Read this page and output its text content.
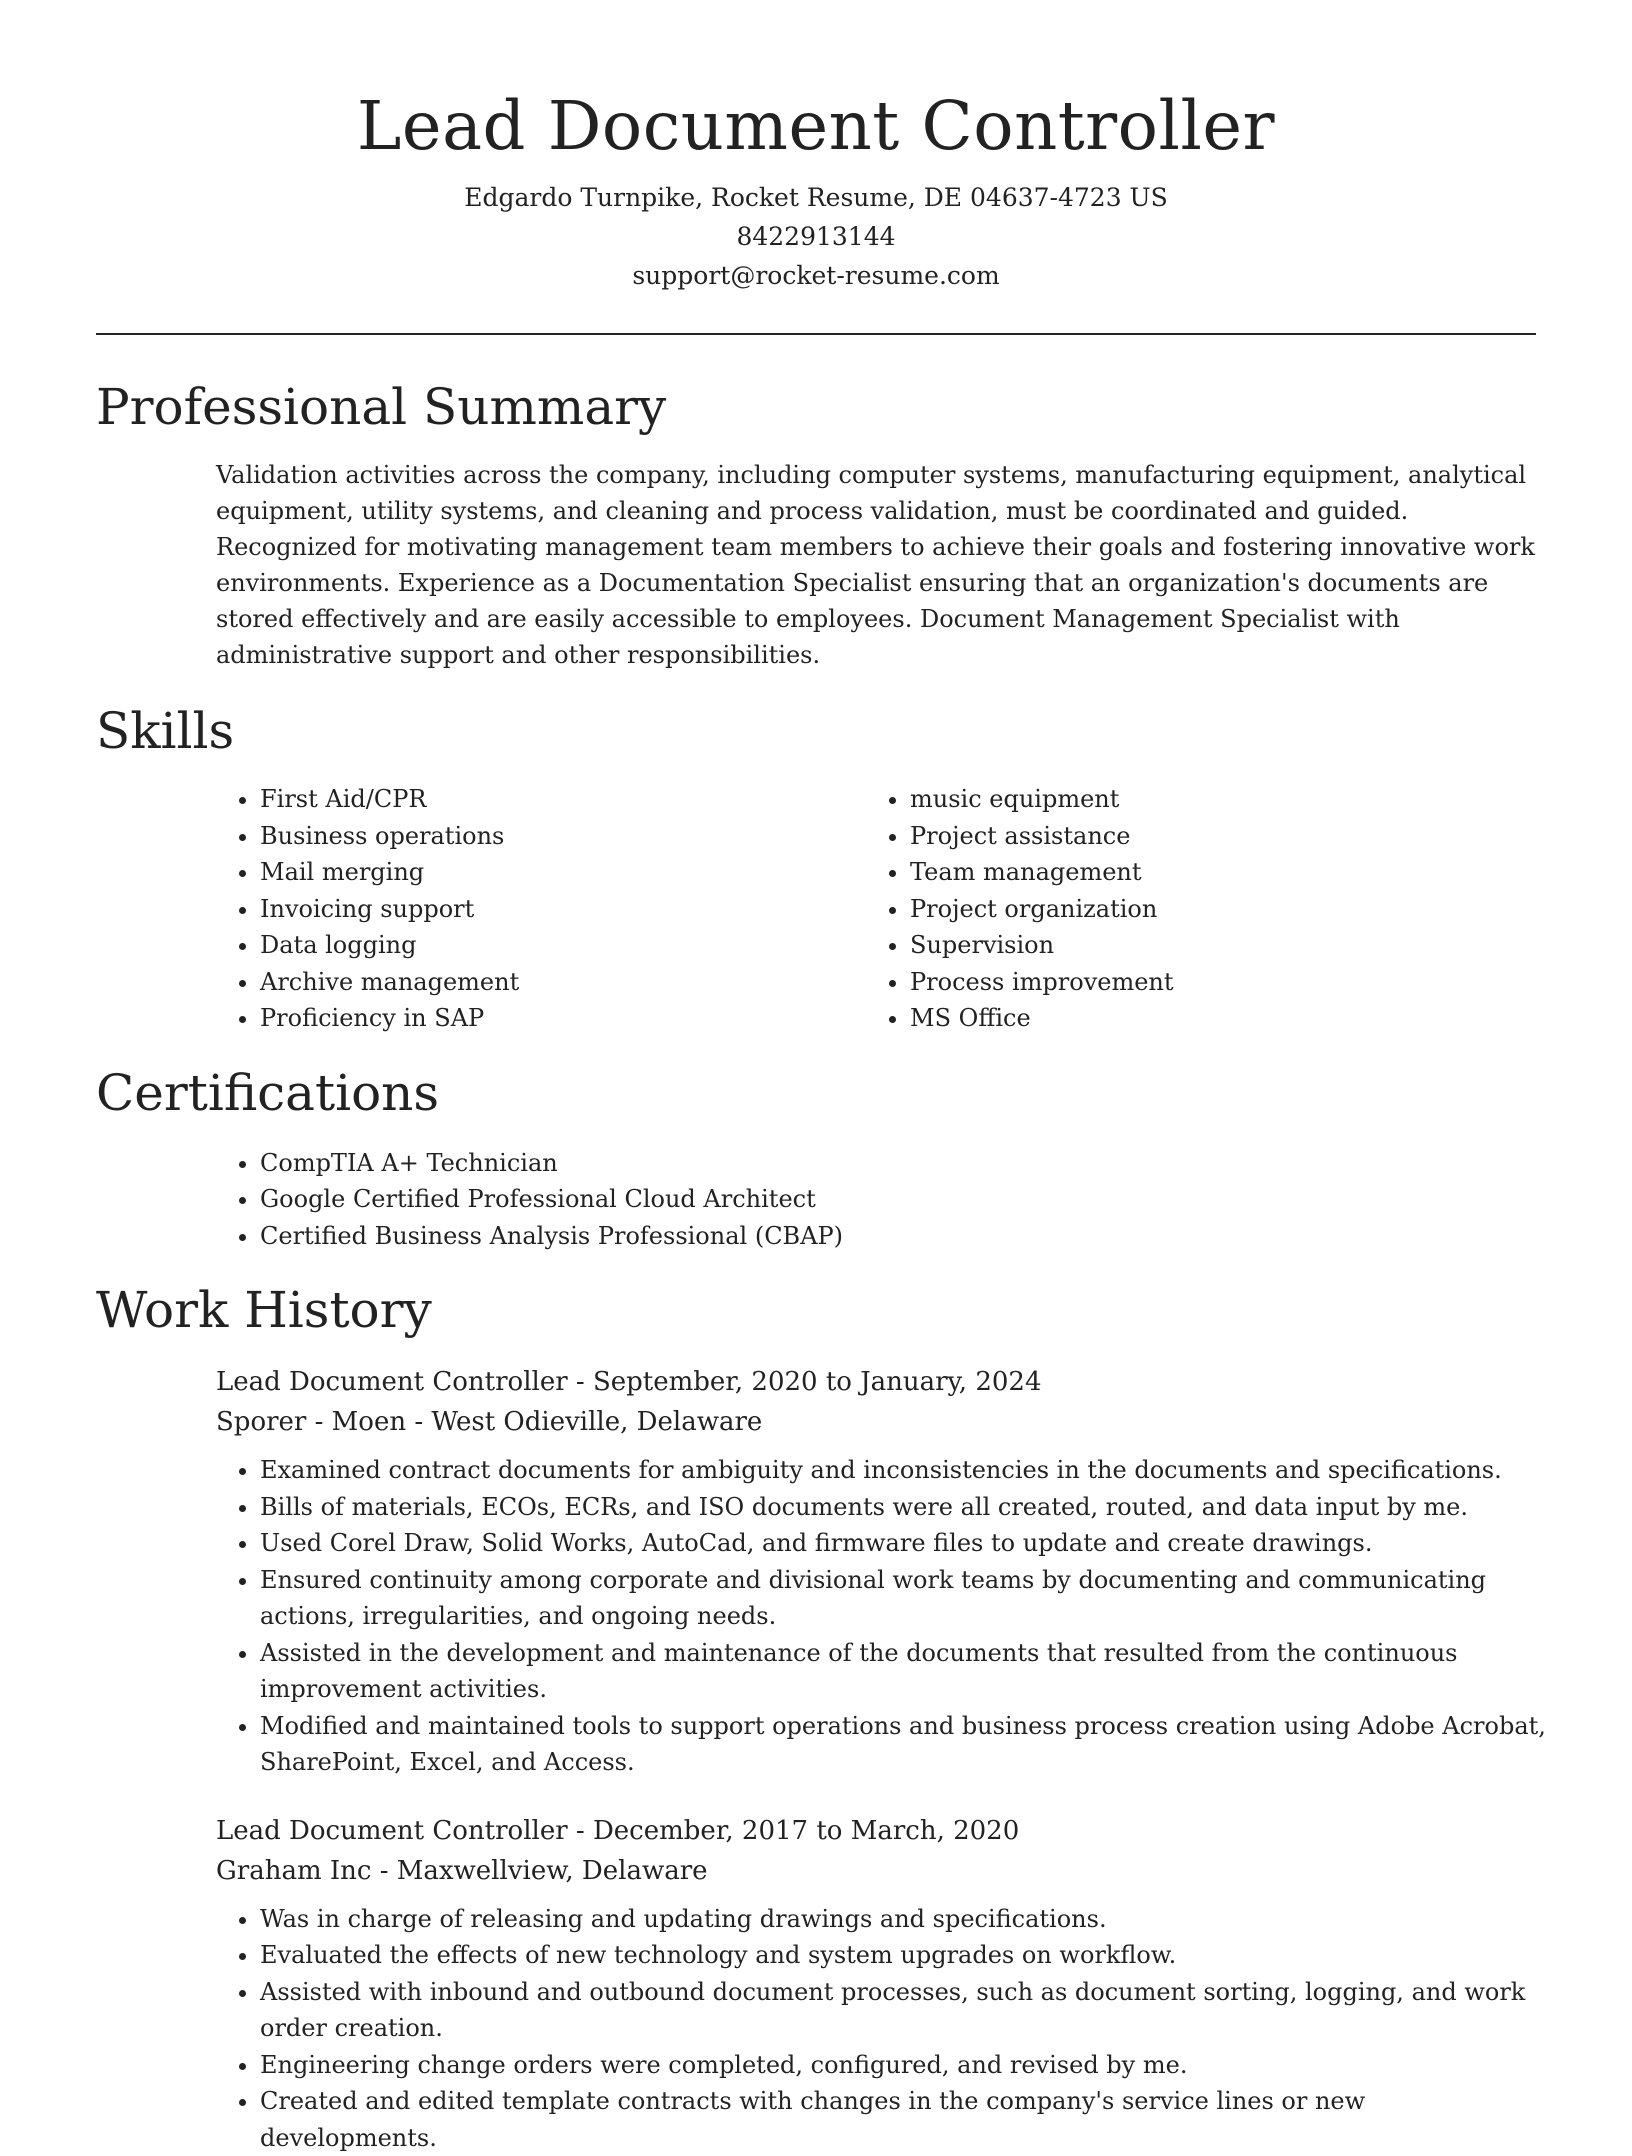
Lead Document Controller

Edgardo Turnpike, Rocket Resume, DE 04637-4723 US

8422913144

support@rocket-resume.com

Professional Summary

Validation activities across the company, including computer systems, manufacturing equipment, analytical equipment, utility systems, and cleaning and process validation, must be coordinated and guided. Recognized for motivating management team members to achieve their goals and fostering innovative work environments. Experience as a Documentation Specialist ensuring that an organization's documents are stored effectively and are easily accessible to employees. Document Management Specialist with administrative support and other responsibilities.

Skills
• First Aid/CPR
• Business operations
• Mail merging
• Invoicing support
• Data logging
• Archive management
• Proficiency in SAP
• music equipment
• Project assistance
• Team management
• Project organization
• Supervision
• Process improvement
• MS Office
Certifications
• CompTIA A+ Technician
• Google Certified Professional Cloud Architect
• Certified Business Analysis Professional (CBAP)
Work History

Lead Document Controller - September, 2020 to January, 2024

Sporer - Moen - West Odieville, Delaware

• Examined contract documents for ambiguity and inconsistencies in the documents and specifications.
• Bills of materials, ECOs, ECRs, and ISO documents were all created, routed, and data input by me.
• Used Corel Draw, Solid Works, AutoCad, and firmware files to update and create drawings.
• Ensured continuity among corporate and divisional work teams by documenting and communicating actions, irregularities, and ongoing needs.
• Assisted in the development and maintenance of the documents that resulted from the continuous improvement activities.
• Modified and maintained tools to support operations and business process creation using Adobe Acrobat, SharePoint, Excel, and Access.

Lead Document Controller - December, 2017 to March, 2020

Graham Inc - Maxwellview, Delaware

• Was in charge of releasing and updating drawings and specifications.
• Evaluated the effects of new technology and system upgrades on workflow.
• Assisted with inbound and outbound document processes, such as document sorting, logging, and work order creation.
• Engineering change orders were completed, configured, and revised by me.
• Created and edited template contracts with changes in the company's service lines or new developments.
